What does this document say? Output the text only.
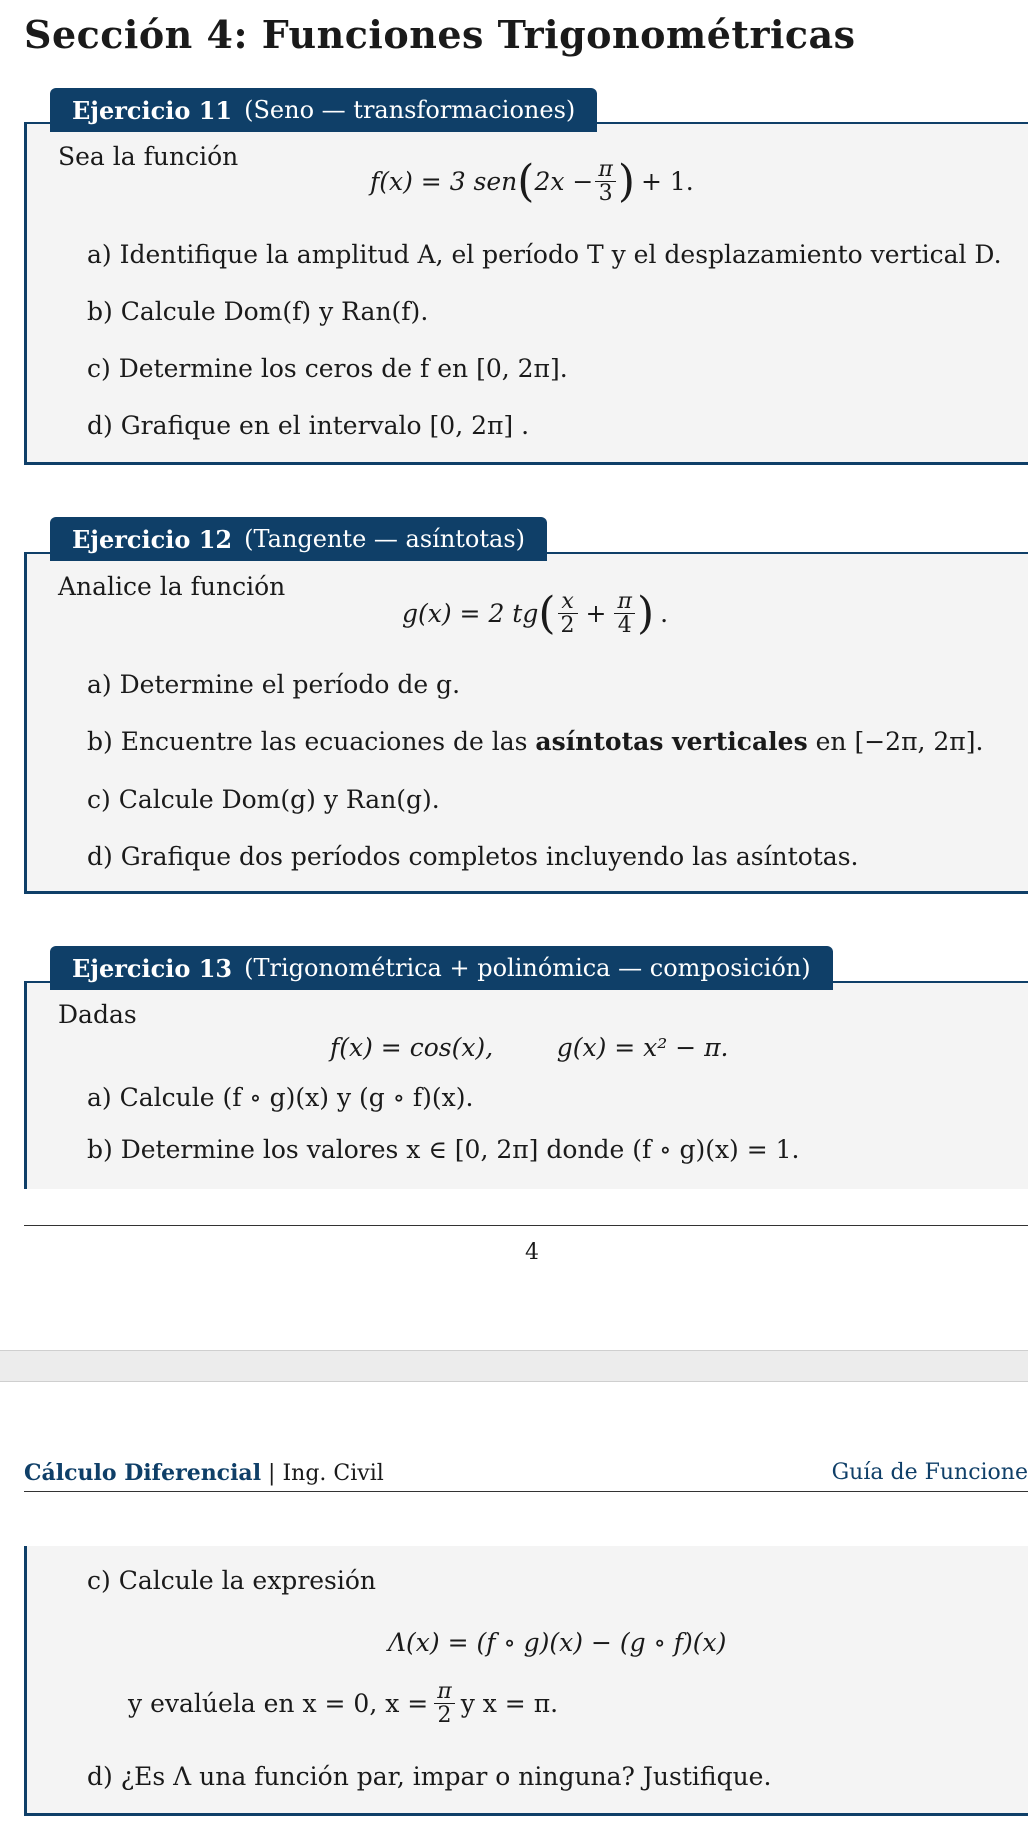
Sección 4: Funciones Trigonométricas
Ejercicio 11 (Seno — transformaciones)
Sea la función
f(x) = 3 sen ( $2x - \frac{\pi}{3}$ ) + 1.
a) Identifique la amplitud A, el período T y el desplazamiento vertical D.
b) Calcule Dom(f) y Ran(f).
c) Determine los ceros de f en [0, 2π].
d) Grafique en el intervalo [0, 2π] .
Ejercicio 12 (Tangente — asíntotas)
Analice la función
g(x) = 2 tg ( $\frac{x}{2} + \frac{\pi}{4}$ ) .
a) Determine el período de g.
b) Encuentre las ecuaciones de las asíntotas verticales en [−2π, 2π].
c) Calcule Dom(g) y Ran(g).
d) Grafique dos períodos completos incluyendo las asíntotas.
Ejercicio 13 (Trigonométrica + polinómica — composición)
Dadas
f(x) = cos(x),        g(x) = x² − π.
a) Calcule (f ∘ g)(x) y (g ∘ f)(x).
b) Determine los valores x ∈ [0, 2π] donde (f ∘ g)(x) = 1.
4
Cálculo Diferencial | Ing. Civil	Guía de Funcione
c) Calcule la expresión
Λ(x) = (f ∘ g)(x) − (g ∘ f)(x)
y evalúela en x = 0, $x = \frac{\pi}{2}$ y x = π.
d) ¿Es Λ una función par, impar o ninguna? Justifique.
